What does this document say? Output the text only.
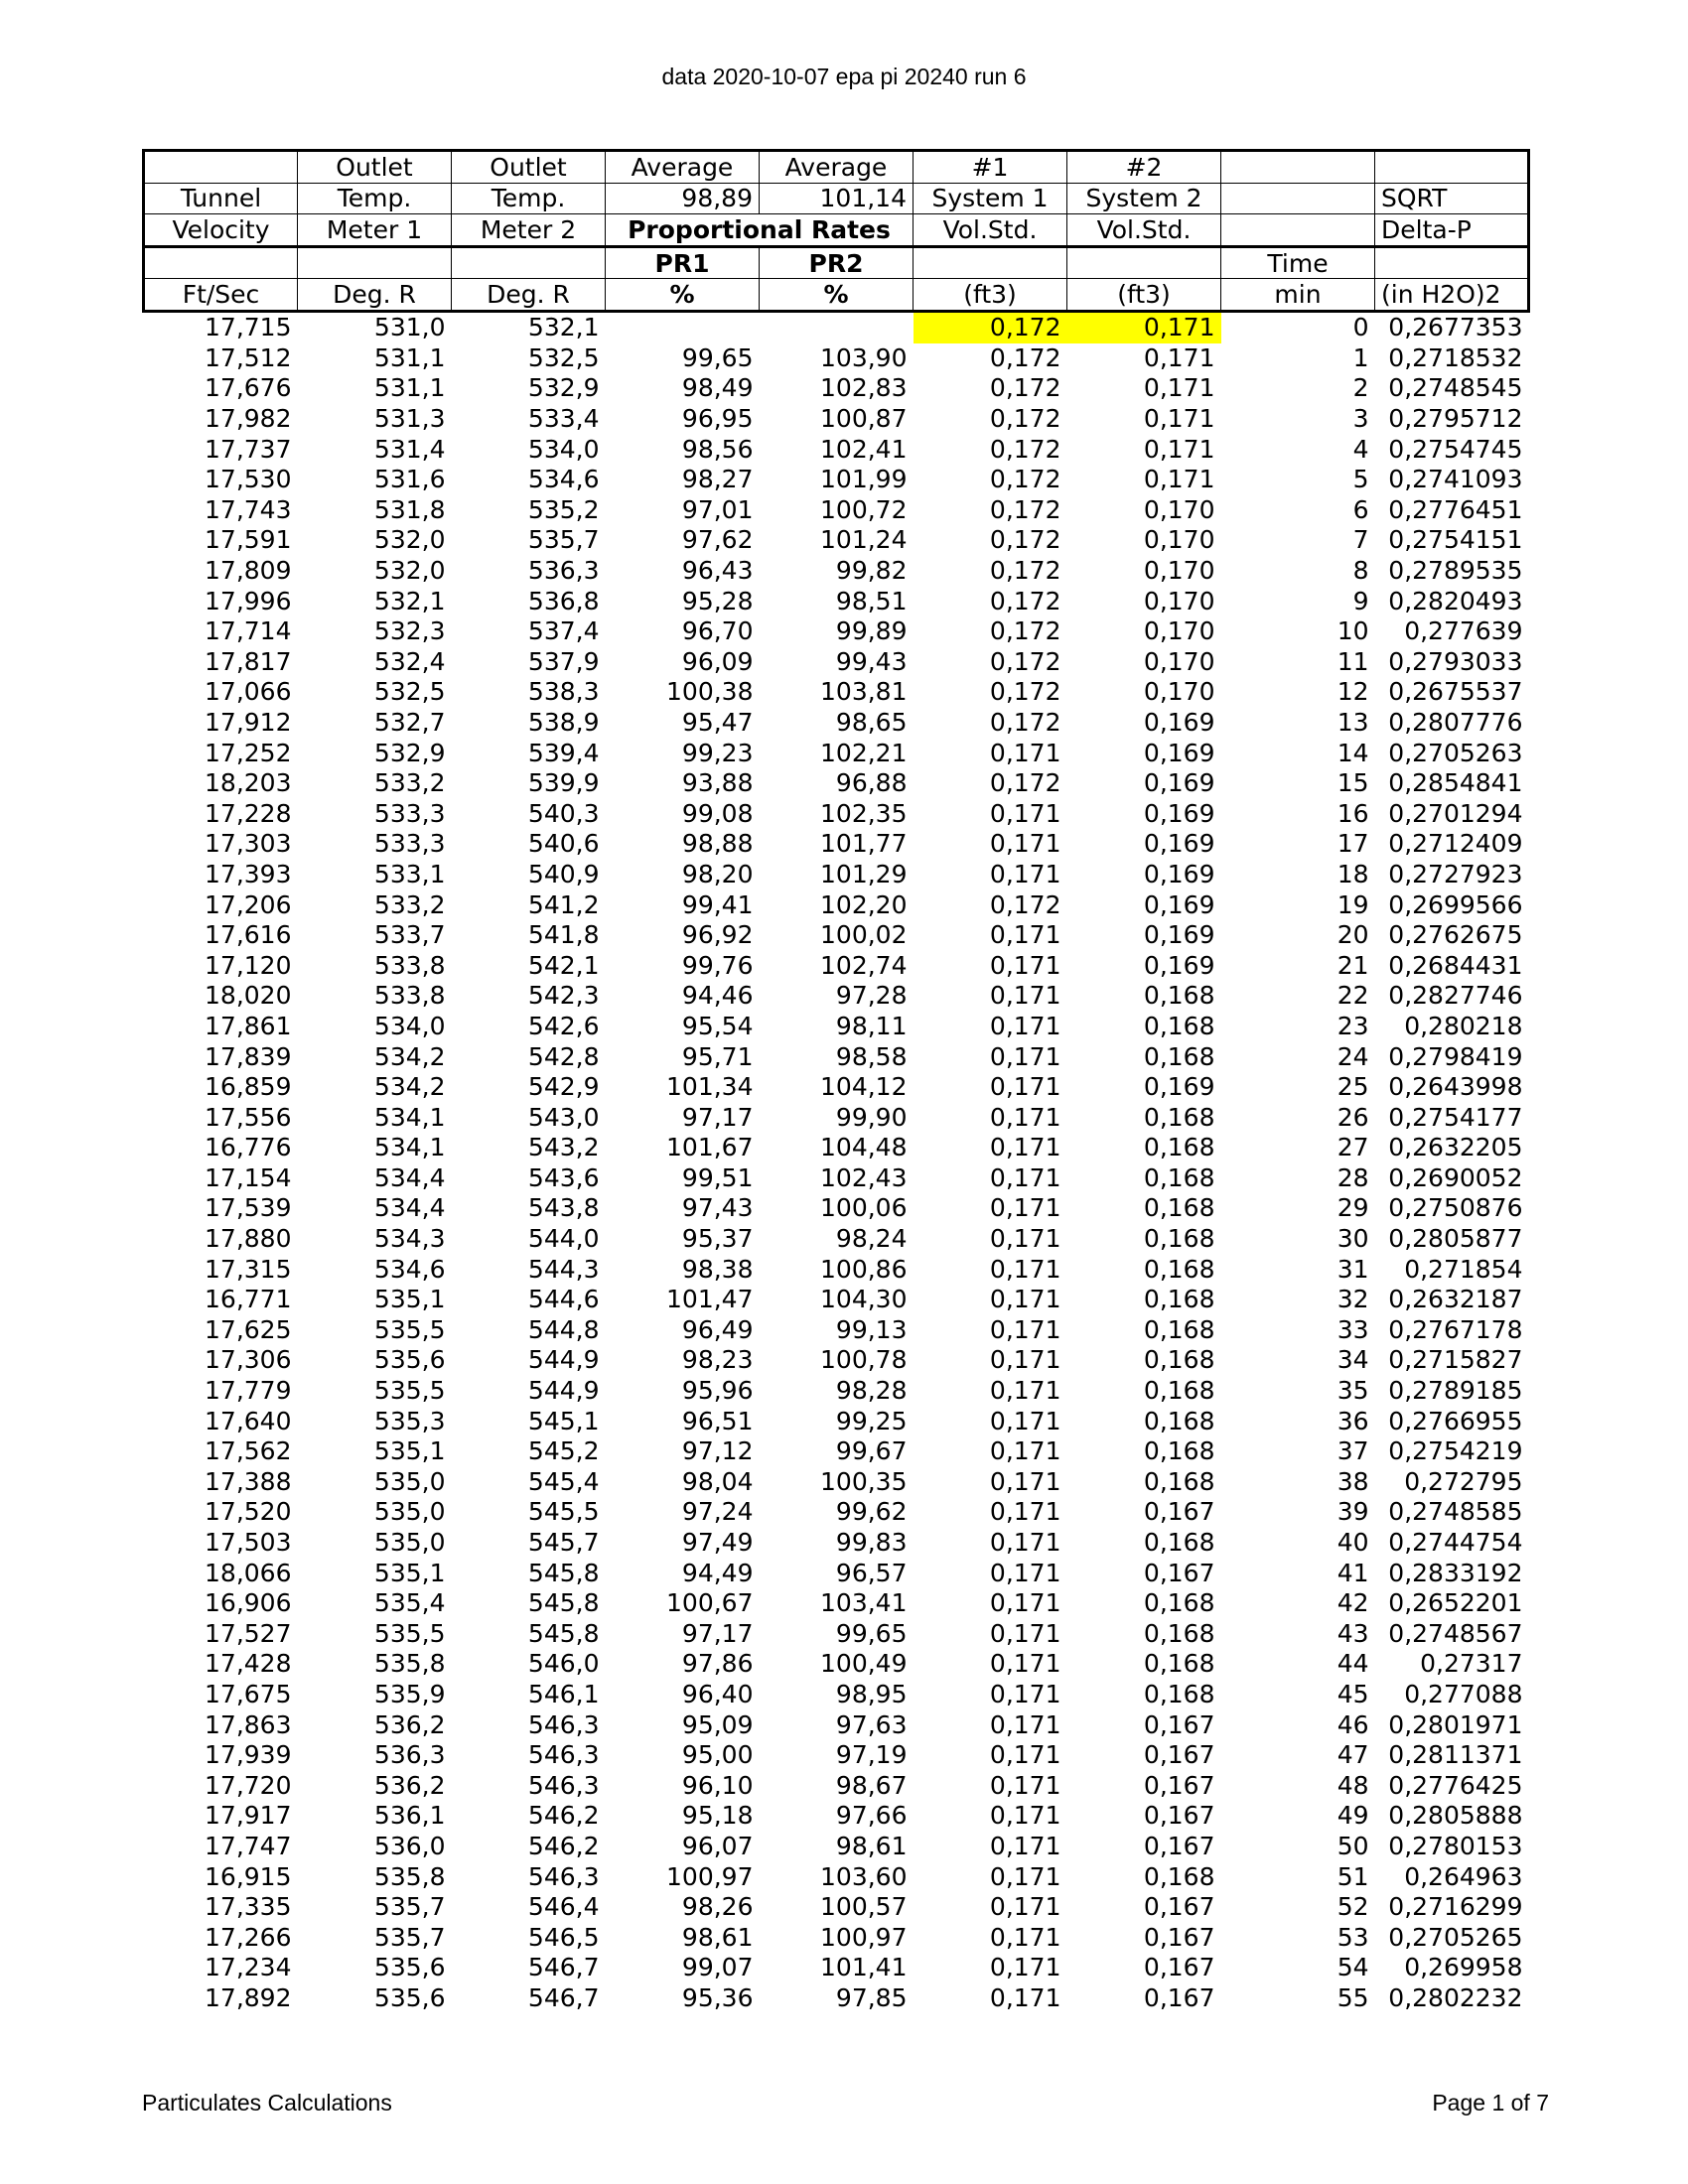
data 2020-10-07 epa pi 20240 run 6
	Outlet	Outlet	Average	Average	#1	#2		
Tunnel	Temp.	Temp.	98,89	101,14	System 1	System 2		SQRT
Velocity	Meter 1	Meter 2	Proportional Rates		Vol.Std.	Vol.Std.		Delta-P
			PR1	PR2			Time	
Ft/Sec	Deg. R	Deg. R	%	%	(ft3)	(ft3)	min	(in H2O)2
17,715	531,0	532,1			0,172	0,171	0	0,2677353
17,512	531,1	532,5	99,65	103,90	0,172	0,171	1	0,2718532
17,676	531,1	532,9	98,49	102,83	0,172	0,171	2	0,2748545
17,982	531,3	533,4	96,95	100,87	0,172	0,171	3	0,2795712
17,737	531,4	534,0	98,56	102,41	0,172	0,171	4	0,2754745
17,530	531,6	534,6	98,27	101,99	0,172	0,171	5	0,2741093
17,743	531,8	535,2	97,01	100,72	0,172	0,170	6	0,2776451
17,591	532,0	535,7	97,62	101,24	0,172	0,170	7	0,2754151
17,809	532,0	536,3	96,43	99,82	0,172	0,170	8	0,2789535
17,996	532,1	536,8	95,28	98,51	0,172	0,170	9	0,2820493
17,714	532,3	537,4	96,70	99,89	0,172	0,170	10	0,277639
17,817	532,4	537,9	96,09	99,43	0,172	0,170	11	0,2793033
17,066	532,5	538,3	100,38	103,81	0,172	0,170	12	0,2675537
17,912	532,7	538,9	95,47	98,65	0,172	0,169	13	0,2807776
17,252	532,9	539,4	99,23	102,21	0,171	0,169	14	0,2705263
18,203	533,2	539,9	93,88	96,88	0,172	0,169	15	0,2854841
17,228	533,3	540,3	99,08	102,35	0,171	0,169	16	0,2701294
17,303	533,3	540,6	98,88	101,77	0,171	0,169	17	0,2712409
17,393	533,1	540,9	98,20	101,29	0,171	0,169	18	0,2727923
17,206	533,2	541,2	99,41	102,20	0,172	0,169	19	0,2699566
17,616	533,7	541,8	96,92	100,02	0,171	0,169	20	0,2762675
17,120	533,8	542,1	99,76	102,74	0,171	0,169	21	0,2684431
18,020	533,8	542,3	94,46	97,28	0,171	0,168	22	0,2827746
17,861	534,0	542,6	95,54	98,11	0,171	0,168	23	0,280218
17,839	534,2	542,8	95,71	98,58	0,171	0,168	24	0,2798419
16,859	534,2	542,9	101,34	104,12	0,171	0,169	25	0,2643998
17,556	534,1	543,0	97,17	99,90	0,171	0,168	26	0,2754177
16,776	534,1	543,2	101,67	104,48	0,171	0,168	27	0,2632205
17,154	534,4	543,6	99,51	102,43	0,171	0,168	28	0,2690052
17,539	534,4	543,8	97,43	100,06	0,171	0,168	29	0,2750876
17,880	534,3	544,0	95,37	98,24	0,171	0,168	30	0,2805877
17,315	534,6	544,3	98,38	100,86	0,171	0,168	31	0,271854
16,771	535,1	544,6	101,47	104,30	0,171	0,168	32	0,2632187
17,625	535,5	544,8	96,49	99,13	0,171	0,168	33	0,2767178
17,306	535,6	544,9	98,23	100,78	0,171	0,168	34	0,2715827
17,779	535,5	544,9	95,96	98,28	0,171	0,168	35	0,2789185
17,640	535,3	545,1	96,51	99,25	0,171	0,168	36	0,2766955
17,562	535,1	545,2	97,12	99,67	0,171	0,168	37	0,2754219
17,388	535,0	545,4	98,04	100,35	0,171	0,168	38	0,272795
17,520	535,0	545,5	97,24	99,62	0,171	0,167	39	0,2748585
17,503	535,0	545,7	97,49	99,83	0,171	0,168	40	0,2744754
18,066	535,1	545,8	94,49	96,57	0,171	0,167	41	0,2833192
16,906	535,4	545,8	100,67	103,41	0,171	0,168	42	0,2652201
17,527	535,5	545,8	97,17	99,65	0,171	0,168	43	0,2748567
17,428	535,8	546,0	97,86	100,49	0,171	0,168	44	0,27317
17,675	535,9	546,1	96,40	98,95	0,171	0,168	45	0,277088
17,863	536,2	546,3	95,09	97,63	0,171	0,167	46	0,2801971
17,939	536,3	546,3	95,00	97,19	0,171	0,167	47	0,2811371
17,720	536,2	546,3	96,10	98,67	0,171	0,167	48	0,2776425
17,917	536,1	546,2	95,18	97,66	0,171	0,167	49	0,2805888
17,747	536,0	546,2	96,07	98,61	0,171	0,167	50	0,2780153
16,915	535,8	546,3	100,97	103,60	0,171	0,168	51	0,264963
17,335	535,7	546,4	98,26	100,57	0,171	0,167	52	0,2716299
17,266	535,7	546,5	98,61	100,97	0,171	0,167	53	0,2705265
17,234	535,6	546,7	99,07	101,41	0,171	0,167	54	0,269958
17,892	535,6	546,7	95,36	97,85	0,171	0,167	55	0,2802232
Particulates Calculations	Page 1 of 7
